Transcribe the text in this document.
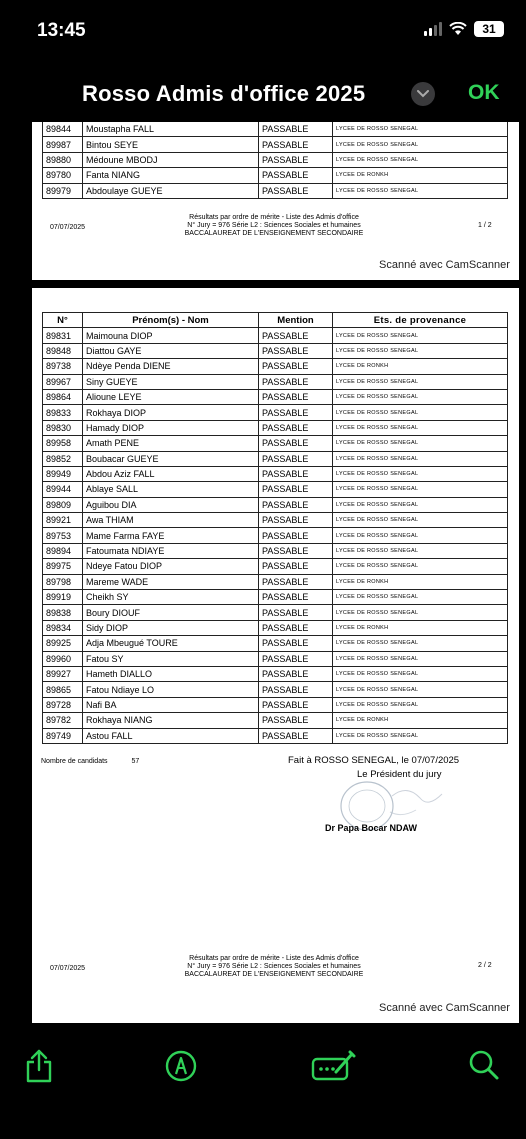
13:45	31
Rosso Admis d'office 2025	OK
89844	Moustapha FALL	PASSABLE	LYCEE DE ROSSO SENEGAL
89987	Bintou SEYE	PASSABLE	LYCEE DE ROSSO SENEGAL
89880	Médoune MBODJ	PASSABLE	LYCEE DE ROSSO SENEGAL
89780	Fanta NIANG	PASSABLE	LYCEE DE RONKH
89979	Abdoulaye GUEYE	PASSABLE	LYCEE DE ROSSO SENEGAL
07/07/2025
Résultats par ordre de mérite - Liste des Admis d'office
N° Jury = 976 Série L2 : Sciences Sociales et humaines
BACCALAUREAT DE L'ENSEIGNEMENT SECONDAIRE
1 / 2
Scanné avec CamScanner
N°	Prénom(s) - Nom	Mention	Ets. de provenance
89831	Maimouna DIOP	PASSABLE	LYCEE DE ROSSO SENEGAL
89848	Diattou GAYE	PASSABLE	LYCEE DE ROSSO SENEGAL
89738	Ndèye Penda DIENE	PASSABLE	LYCEE DE RONKH
89967	Siny GUEYE	PASSABLE	LYCEE DE ROSSO SENEGAL
89864	Alioune LEYE	PASSABLE	LYCEE DE ROSSO SENEGAL
89833	Rokhaya DIOP	PASSABLE	LYCEE DE ROSSO SENEGAL
89830	Hamady DIOP	PASSABLE	LYCEE DE ROSSO SENEGAL
89958	Amath PENE	PASSABLE	LYCEE DE ROSSO SENEGAL
89852	Boubacar GUEYE	PASSABLE	LYCEE DE ROSSO SENEGAL
89949	Abdou Aziz FALL	PASSABLE	LYCEE DE ROSSO SENEGAL
89944	Ablaye SALL	PASSABLE	LYCEE DE ROSSO SENEGAL
89809	Aguibou DIA	PASSABLE	LYCEE DE ROSSO SENEGAL
89921	Awa THIAM	PASSABLE	LYCEE DE ROSSO SENEGAL
89753	Mame Farma FAYE	PASSABLE	LYCEE DE ROSSO SENEGAL
89894	Fatoumata NDIAYE	PASSABLE	LYCEE DE ROSSO SENEGAL
89975	Ndeye Fatou DIOP	PASSABLE	LYCEE DE ROSSO SENEGAL
89798	Mareme WADE	PASSABLE	LYCEE DE RONKH
89919	Cheikh SY	PASSABLE	LYCEE DE ROSSO SENEGAL
89838	Boury DIOUF	PASSABLE	LYCEE DE ROSSO SENEGAL
89834	Sidy DIOP	PASSABLE	LYCEE DE RONKH
89925	Adja Mbeugué TOURE	PASSABLE	LYCEE DE ROSSO SENEGAL
89960	Fatou SY	PASSABLE	LYCEE DE ROSSO SENEGAL
89927	Hameth DIALLO	PASSABLE	LYCEE DE ROSSO SENEGAL
89865	Fatou Ndiaye LO	PASSABLE	LYCEE DE ROSSO SENEGAL
89728	Nafi BA	PASSABLE	LYCEE DE ROSSO SENEGAL
89782	Rokhaya NIANG	PASSABLE	LYCEE DE RONKH
89749	Astou FALL	PASSABLE	LYCEE DE ROSSO SENEGAL
Nombre de candidats	57	Fait à ROSSO SENEGAL, le 07/07/2025
Le Président du jury
Dr Papa Bocar NDAW
07/07/2025
Résultats par ordre de mérite - Liste des Admis d'office
N° Jury = 976 Série L2 : Sciences Sociales et humaines
BACCALAUREAT DE L'ENSEIGNEMENT SECONDAIRE
2 / 2
Scanné avec CamScanner
